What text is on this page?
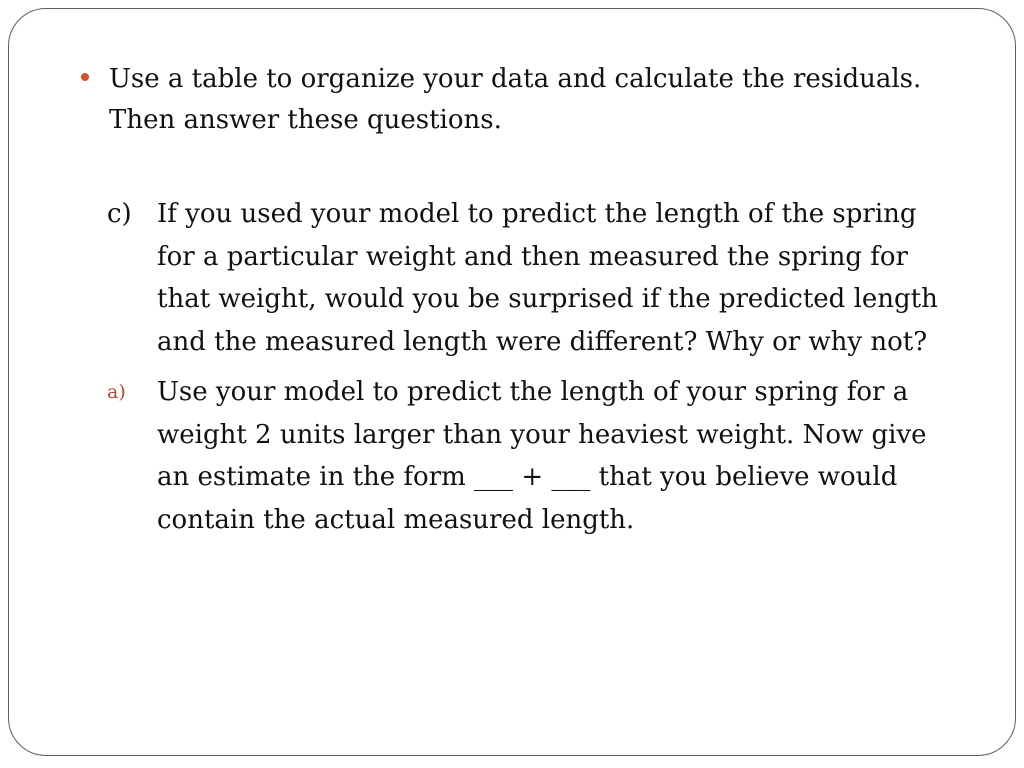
Use a table to organize your data and calculate the residuals.
Then answer these questions.
c) If you used your model to predict the length of the spring
for a particular weight and then measured the spring for
that weight, would you be surprised if the predicted length
and the measured length were different? Why or why not?
a) Use your model to predict the length of your spring for a
weight 2 units larger than your heaviest weight. Now give
an estimate in the form ___ + ___ that you believe would
contain the actual measured length.
